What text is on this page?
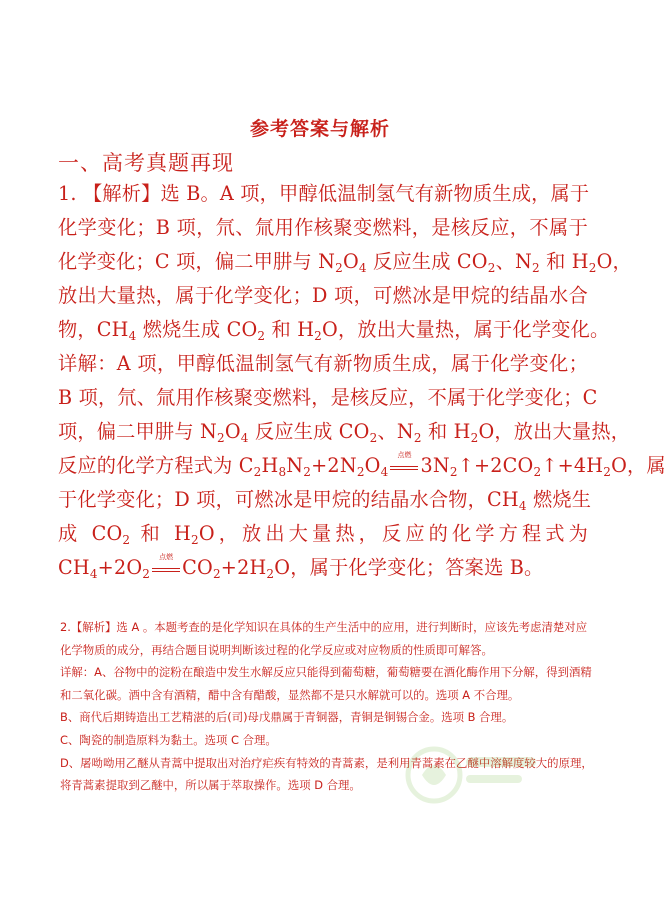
参考答案与解析
一、高考真题再现
1. 【解析】选 B。A 项，甲醇低温制氢气有新物质生成，属于
化学变化；B 项，氘、氚用作核聚变燃料，是核反应，不属于
化学变化；C 项，偏二甲肼与 $N_2O_4$ 反应生成 $CO_2$、$N_2$ 和 $H_2O$，
放出大量热，属于化学变化；D 项，可燃冰是甲烷的结晶水合
物，$CH_4$ 燃烧生成 $CO_2$ 和 $H_2O$，放出大量热，属于化学变化。
详解：A 项，甲醇低温制氢气有新物质生成，属于化学变化；
B 项，氘、氚用作核聚变燃料，是核反应，不属于化学变化；C
项，偏二甲肼与 $N_2O_4$ 反应生成 $CO_2$、$N_2$ 和 $H_2O$，放出大量热，
反应的化学方程式为 $C_2H_8N_2+2N_2O_4$
点燃 $3N_2↑+2CO_2↑+4H_2O$，属
于化学变化；D 项，可燃冰是甲烷的结晶水合物，$CH_4$ 燃烧生
成 $CO_2$ 和 $H_2O$，放出大量热，反应的化学方程式为
$CH_4+2O_2$
点燃 $CO_2+2H_2O$，属于化学变化；答案选 B。
2.【解析】选 A 。本题考查的是化学知识在具体的生产生活中的应用，进行判断时，应该先考虑清楚对应
化学物质的成分，再结合题目说明判断该过程的化学反应或对应物质的性质即可解答。
详解：A、谷物中的淀粉在酿造中发生水解反应只能得到葡萄糖，葡萄糖要在酒化酶作用下分解，得到酒精
和二氧化碳。酒中含有酒精，醋中含有醋酸，显然都不是只水解就可以的。选项 A 不合理。
B、商代后期铸造出工艺精湛的后(司)母戊鼎属于青铜器，青铜是铜锡合金。选项 B 合理。
C、陶瓷的制造原料为黏土。选项 C 合理。
D、屠呦呦用乙醚从青蒿中提取出对治疗疟疾有特效的青蒿素，是利用青蒿素在乙醚中溶解度较大的原理，
将青蒿素提取到乙醚中，所以属于萃取操作。选项 D 合理。
